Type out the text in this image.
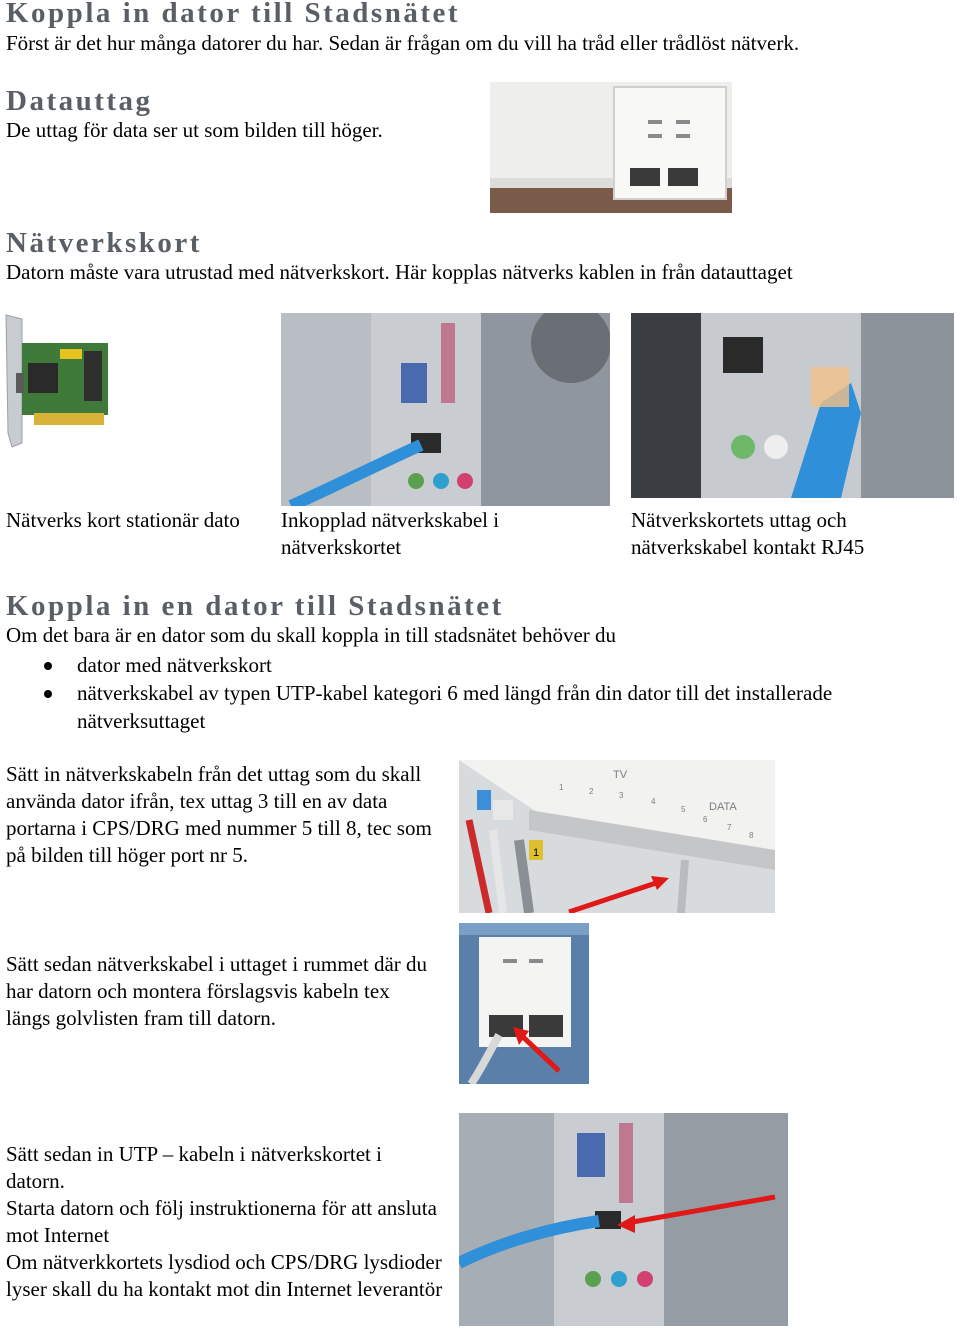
Koppla in dator till Stadsnätet

Först är det hur många datorer du har. Sedan är frågan om du vill ha tråd eller trådlöst nätverk.

Datauttag

De uttag för data ser ut som bilden till höger.

Nätverkskort

Datorn måste vara utrustad med nätverkskort. Här kopplas nätverks kablen in från datauttaget

Nätverks kort stationär dato Inkopplad nätverkskabel i nätverkskortet

Nätverkskortets uttag och nätverkskabel kontakt RJ45

Koppla in en dator till Stadsnätet

Om det bara är en dator som du skall koppla in till stadsnätet behöver du

dator med nätverkskort
nätverkskabel av typen UTP-kabel kategori 6 med längd från din dator till det installerade nätverksuttaget

Sätt in nätverkskabeln från det uttag som du skall använda dator ifrån, tex uttag 3 till en av data portarna i CPS/DRG med nummer 5 till 8, tec som på bilden till höger port nr 5.

TV
DATA
1	2	3
4
5
6
7
8
1

Sätt sedan nätverkskabel i uttaget i rummet där du har datorn och montera förslagsvis kabeln tex längs golvlisten fram till datorn.

Sätt sedan in UTP – kabeln i nätverkskortet i datorn.

Starta datorn och följ instruktionerna för att ansluta mot Internet

Om nätverkkortets lysdiod och CPS/DRG lysdioder lyser skall du ha kontakt mot din Internet leverantör
